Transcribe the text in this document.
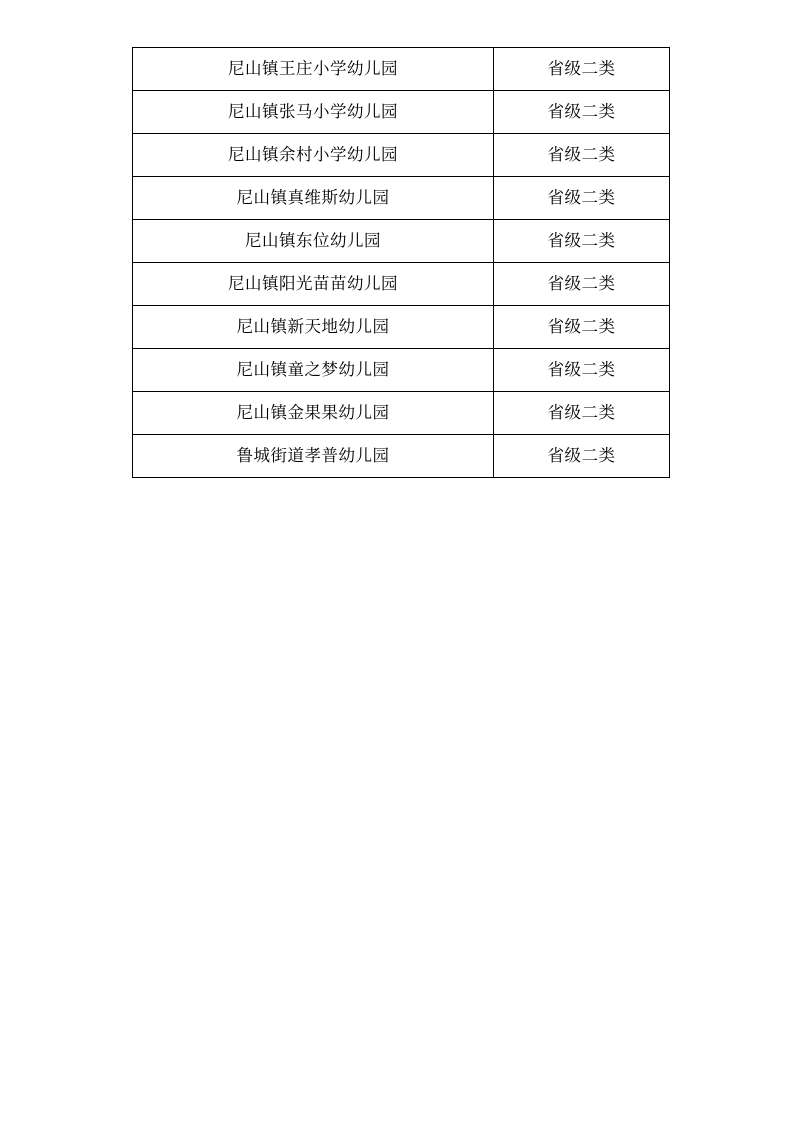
尼山镇王庄小学幼儿园	省级二类

尼山镇张马小学幼儿园	省级二类

尼山镇余村小学幼儿园	省级二类

尼山镇真维斯幼儿园	省级二类

尼山镇东位幼儿园	省级二类

尼山镇阳光苗苗幼儿园	省级二类

尼山镇新天地幼儿园	省级二类

尼山镇童之梦幼儿园	省级二类

尼山镇金果果幼儿园	省级二类

鲁城街道孝普幼儿园	省级二类
